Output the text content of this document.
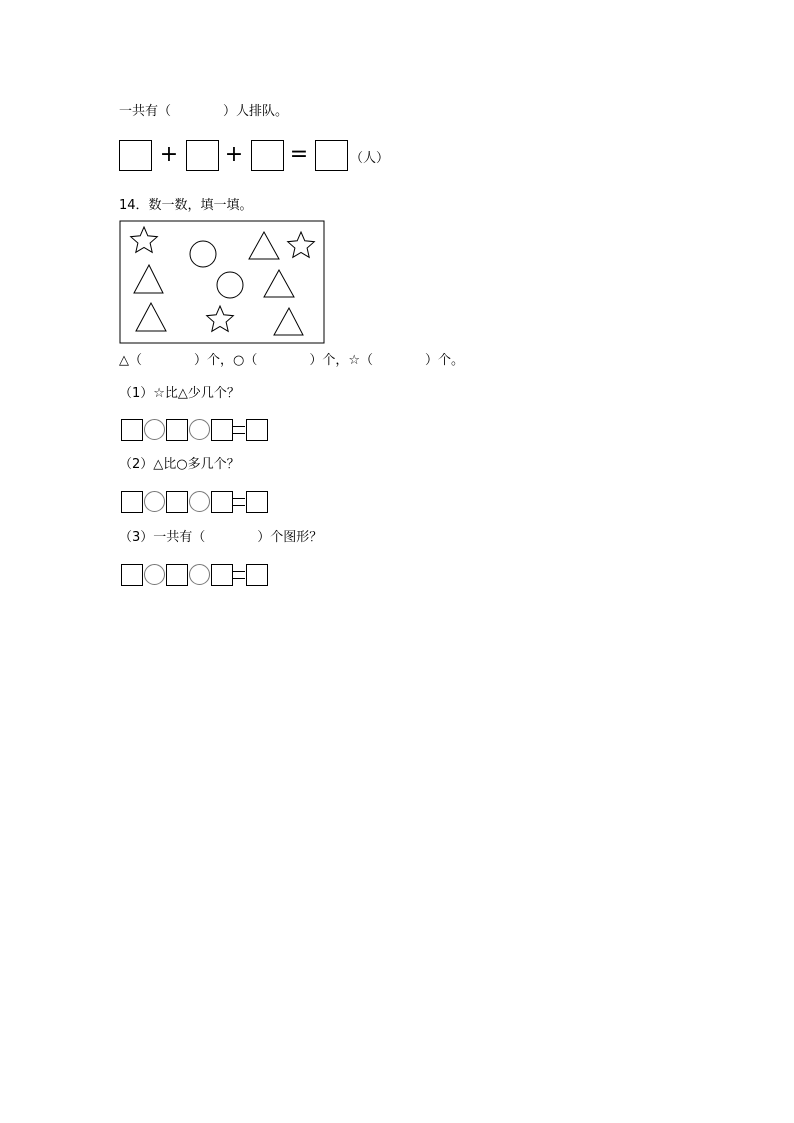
一共有（　　　　）人排队。
+ + =	（人）
14．数一数，填一填。
△（　　　　）个，○（　　　　）个，☆（　　　　）个。
（1）☆比△少几个？
（2）△比○多几个？
（3）一共有（　　　　）个图形？
